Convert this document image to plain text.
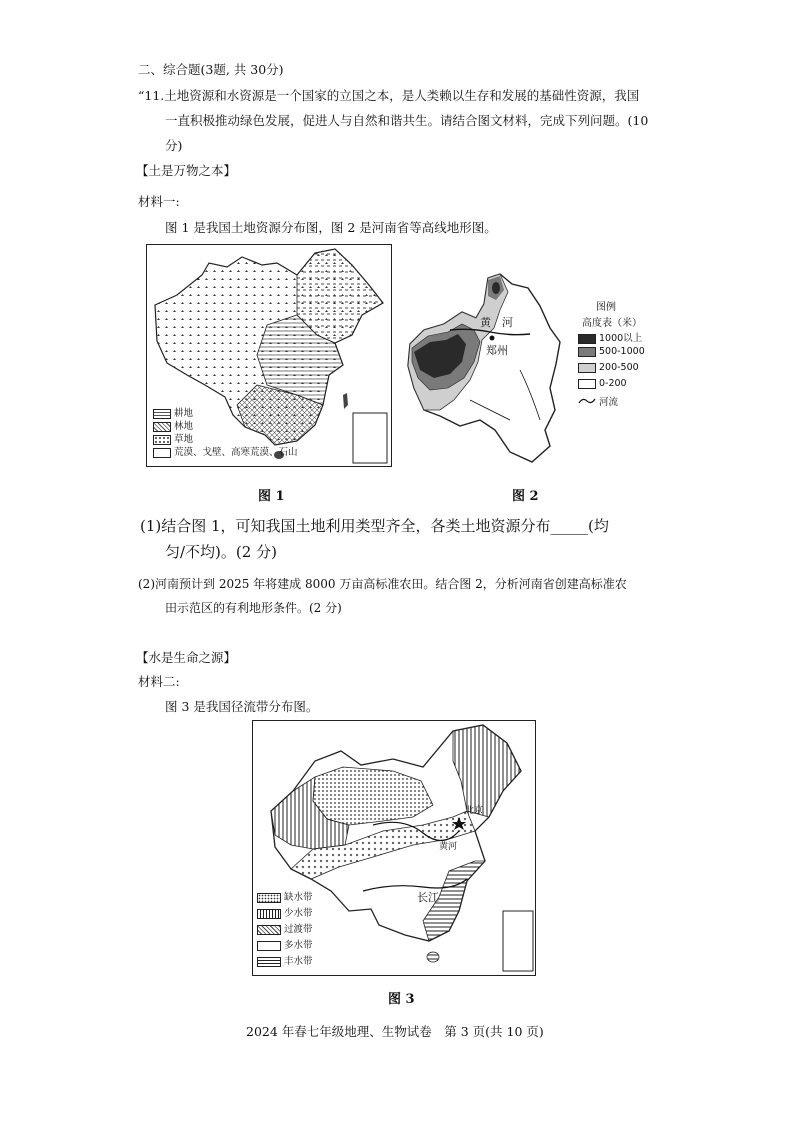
二、综合题(3题, 共 30分)
“11.土地资源和水资源是一个国家的立国之本，是人类赖以生存和发展的基础性资源，我国
一直积极推动绿色发展，促进人与自然和谐共生。请结合图文材料，完成下列问题。(10
分)
【土是万物之本】
材料一:
图 1 是我国土地资源分布图，图 2 是河南省等高线地形图。
耕地
林地
草地
荒漠、戈壁、高寒荒漠、石山
图 1
黄　河
郑州
图例
高度表（米）
1000以上
500-1000
200-500
0-200
河流
图 2
(1)结合图 1，可知我国土地利用类型齐全，各类土地资源分布_____(均
匀/不均)。(2 分)
(2)河南预计到 2025 年将建成 8000 万亩高标准农田。结合图 2，分析河南省创建高标准农
田示范区的有利地形条件。(2 分)
【水是生命之源】
材料二:
图 3 是我国径流带分布图。
长江
北京
黄河
缺水带
少水带
过渡带
多水带
丰水带
图 3
2024 年春七年级地理、生物试卷　第 3 页(共 10 页)
